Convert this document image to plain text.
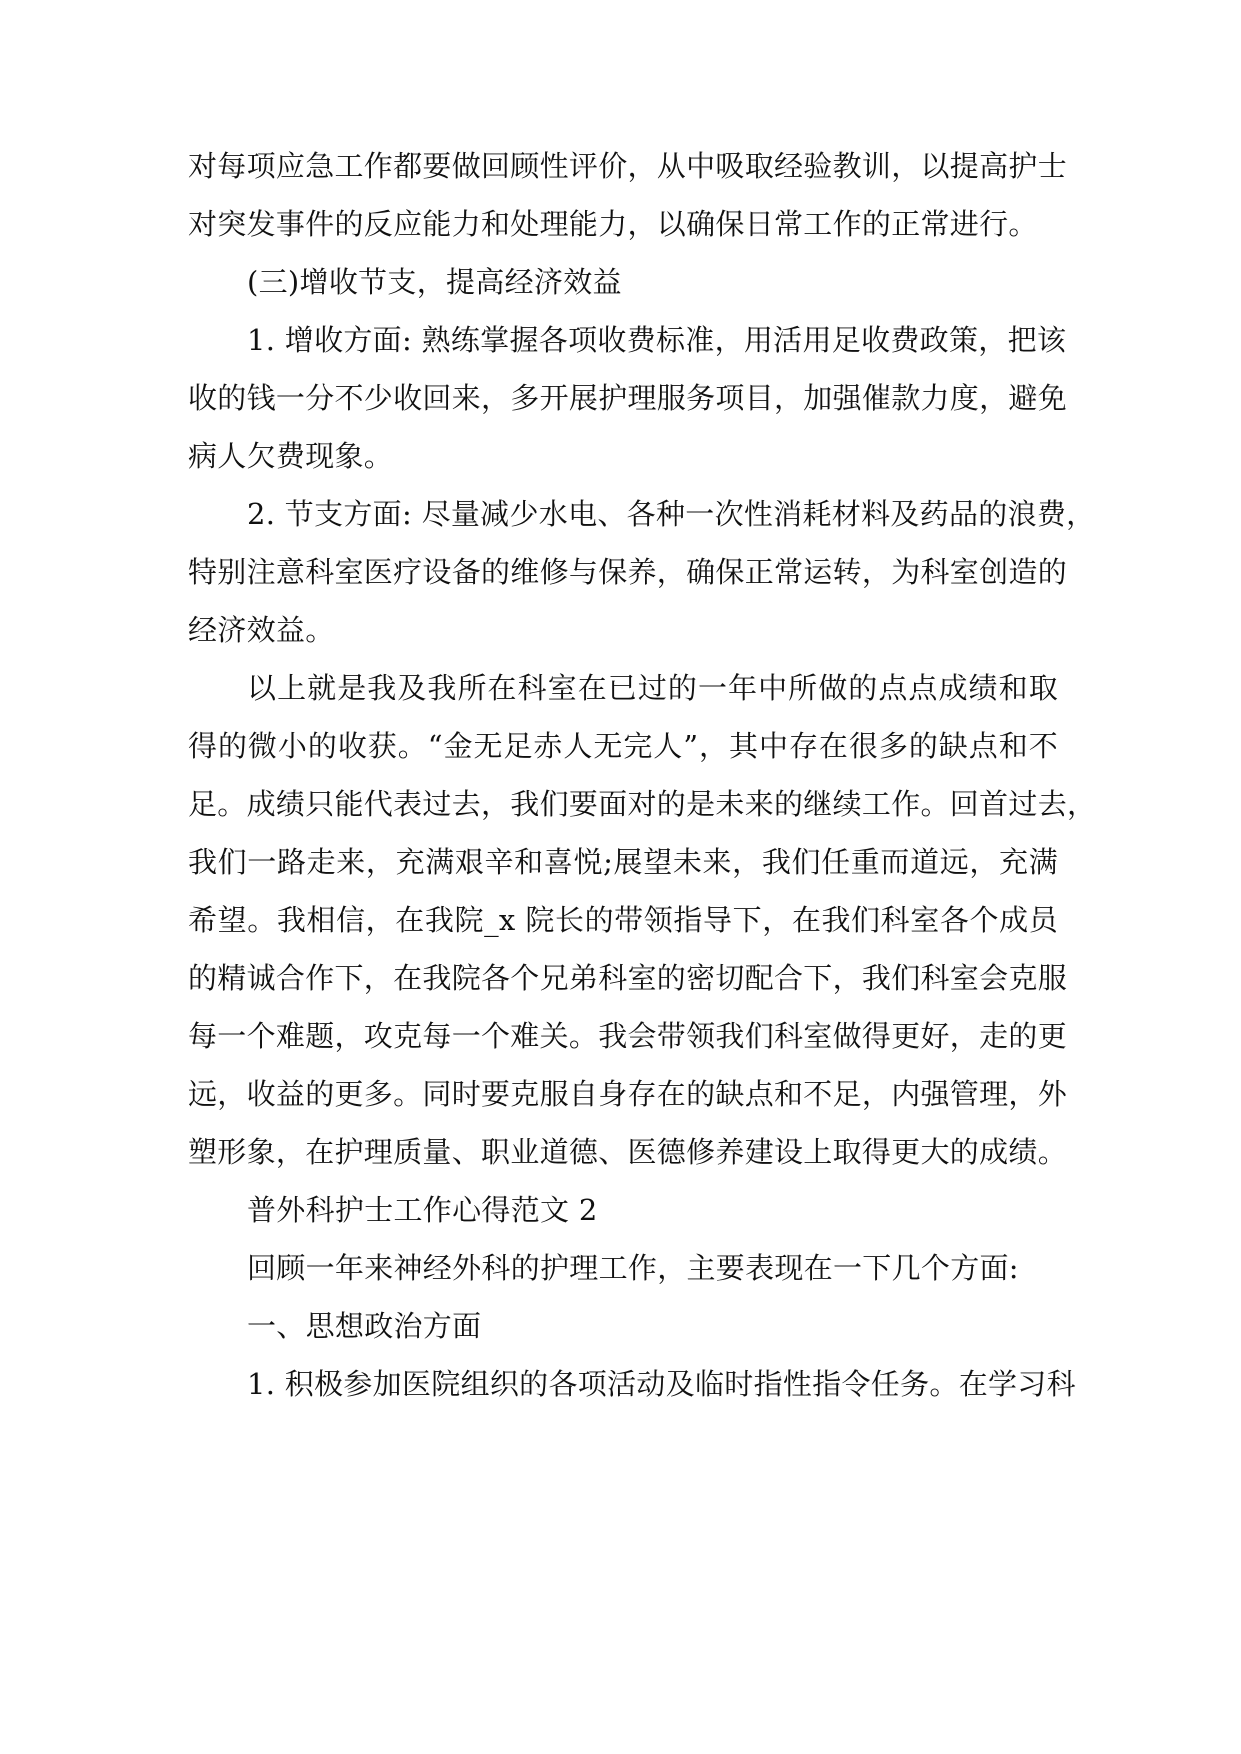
对每项应急工作都要做回顾性评价，从中吸取经验教训，以提高护士
对突发事件的反应能力和处理能力，以确保日常工作的正常进行。
(三)增收节支，提高经济效益
1. 增收方面: 熟练掌握各项收费标准，用活用足收费政策，把该
收的钱一分不少收回来，多开展护理服务项目，加强催款力度，避免
病人欠费现象。
2. 节支方面: 尽量减少水电、各种一次性消耗材料及药品的浪费，
特别注意科室医疗设备的维修与保养，确保正常运转，为科室创造的
经济效益。
以上就是我及我所在科室在已过的一年中所做的点点成绩和取
得的微小的收获。“金无足赤人无完人”，其中存在很多的缺点和不
足。成绩只能代表过去，我们要面对的是未来的继续工作。回首过去，
我们一路走来，充满艰辛和喜悦;展望未来，我们任重而道远，充满
希望。我相信，在我院_x 院长的带领指导下，在我们科室各个成员
的精诚合作下，在我院各个兄弟科室的密切配合下，我们科室会克服
每一个难题，攻克每一个难关。我会带领我们科室做得更好，走的更
远，收益的更多。同时要克服自身存在的缺点和不足，内强管理，外
塑形象，在护理质量、职业道德、医德修养建设上取得更大的成绩。
普外科护士工作心得范文 2
回顾一年来神经外科的护理工作，主要表现在一下几个方面:
一、思想政治方面
1. 积极参加医院组织的各项活动及临时指性指令任务。在学习科
